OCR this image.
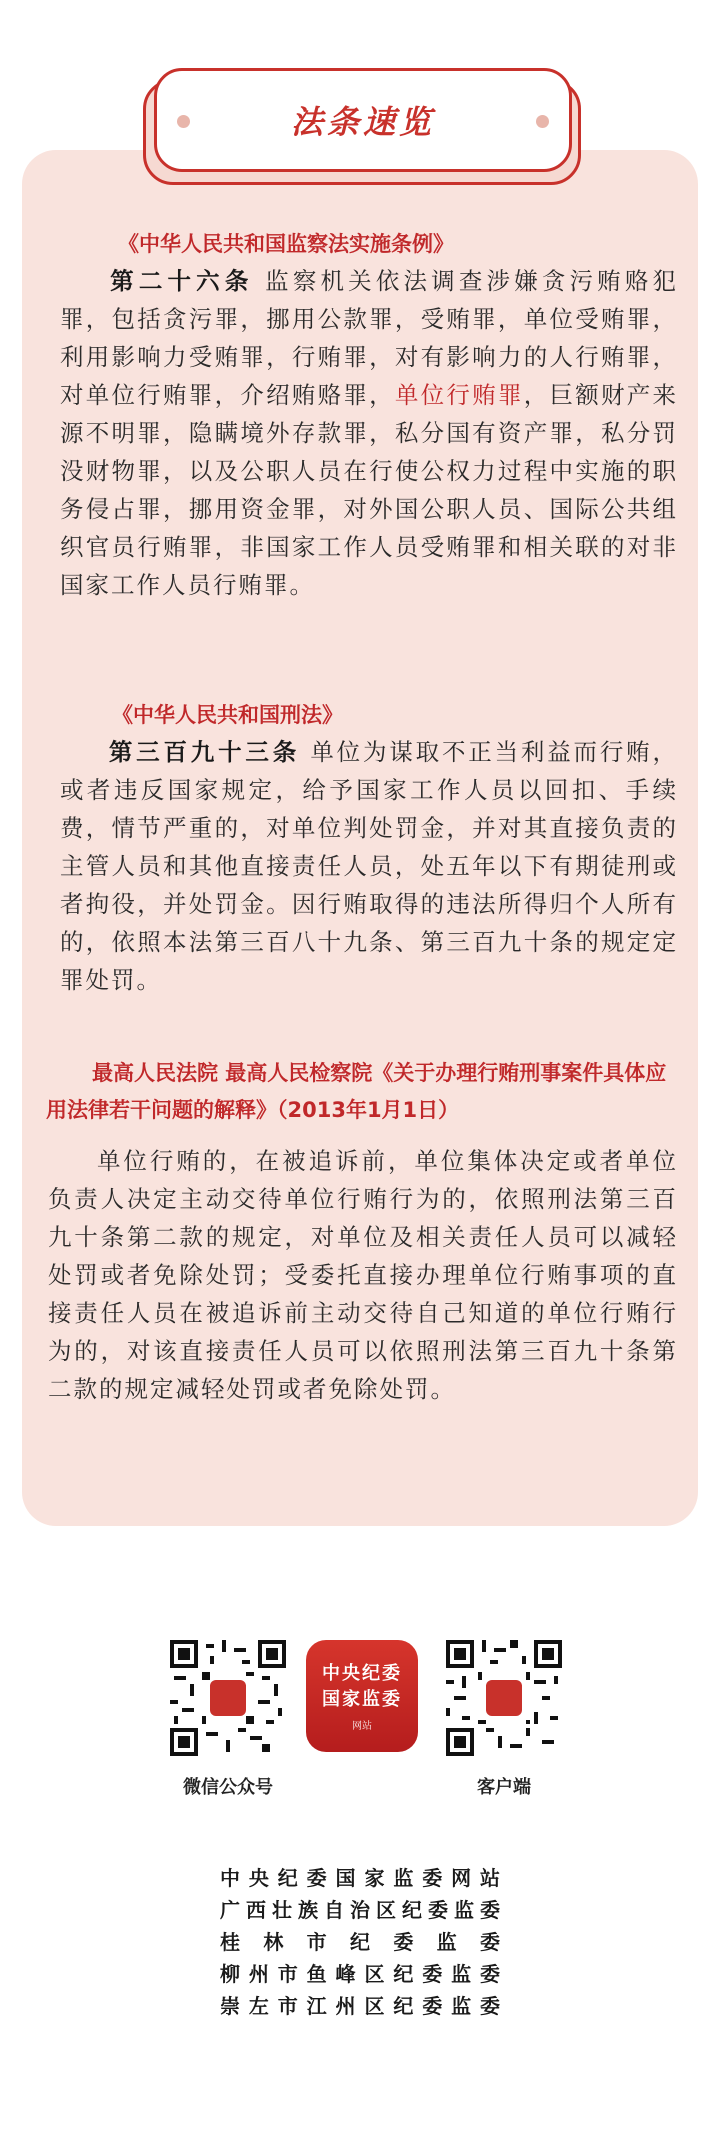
法条速览

《中华人民共和国监察法实施条例》

第二十六条 监察机关依法调查涉嫌贪污贿赂犯罪，包括贪污罪，挪用公款罪，受贿罪，单位受贿罪，利用影响力受贿罪，行贿罪，对有影响力的人行贿罪，对单位行贿罪，介绍贿赂罪，单位行贿罪，巨额财产来源不明罪，隐瞒境外存款罪，私分国有资产罪，私分罚没财物罪，以及公职人员在行使公权力过程中实施的职务侵占罪，挪用资金罪，对外国公职人员、国际公共组织官员行贿罪，非国家工作人员受贿罪和相关联的对非国家工作人员行贿罪。

《中华人民共和国刑法》

第三百九十三条 单位为谋取不正当利益而行贿，或者违反国家规定，给予国家工作人员以回扣、手续费，情节严重的，对单位判处罚金，并对其直接负责的主管人员和其他直接责任人员，处五年以下有期徒刑或者拘役，并处罚金。因行贿取得的违法所得归个人所有的，依照本法第三百八十九条、第三百九十条的规定定罪处罚。

最高人民法院 最高人民检察院《关于办理行贿刑事案件具体应用法律若干问题的解释》（2013年1月1日）

单位行贿的，在被追诉前，单位集体决定或者单位负责人决定主动交待单位行贿行为的，依照刑法第三百九十条第二款的规定，对单位及相关责任人员可以减轻处罚或者免除处罚；受委托直接办理单位行贿事项的直接责任人员在被追诉前主动交待自己知道的单位行贿行为的，对该直接责任人员可以依照刑法第三百九十条第二款的规定减轻处罚或者免除处罚。

中央纪委
国家监委
网站
微信公众号	客户端
中央纪委国家监委网站
广西壮族自治区纪委监委
桂林市纪委监委
柳州市鱼峰区纪委监委
崇左市江州区纪委监委
